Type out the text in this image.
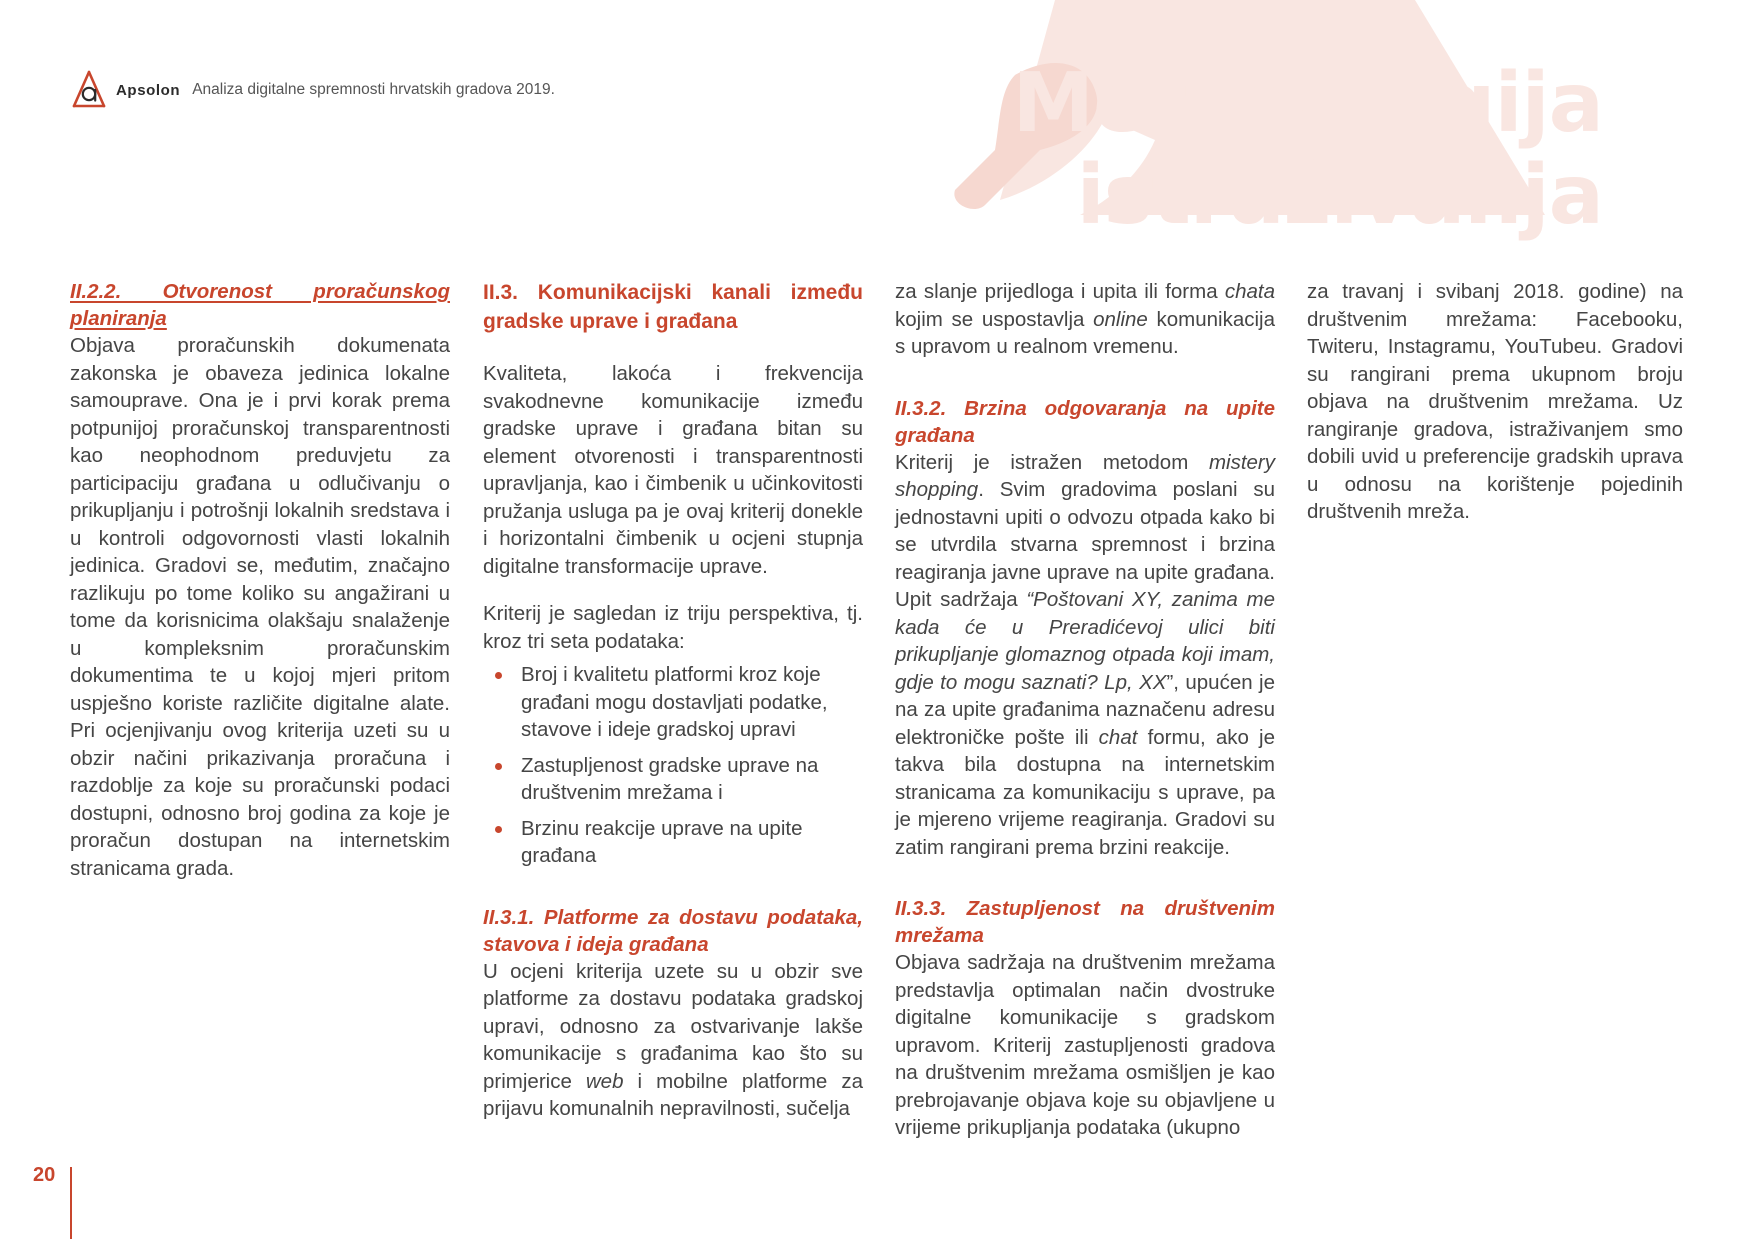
Metodologija
istraživanja
Apsolon Analiza digitalne spremnosti hrvatskih gradova 2019.

II.2.2. Otvorenost proračunskog planiranja

Objava proračunskih dokumenata zakonska je obaveza jedinica lokalne samouprave. Ona je i prvi korak prema potpunijoj proračunskoj transparentnosti kao neophodnom preduvjetu za participaciju građana u odlučivanju o prikupljanju i potrošnji lokalnih sredstava i u kontroli odgovornosti vlasti lokalnih jedinica. Gradovi se, međutim, značajno razlikuju po tome koliko su angažirani u tome da korisnicima olakšaju snalaženje u kompleksnim proračunskim dokumentima te u kojoj mjeri pritom uspješno koriste različite digitalne alate. Pri ocjenjivanju ovog kriterija uzeti su u obzir načini prikazivanja proračuna i razdoblje za koje su proračunski podaci dostupni, odnosno broj godina za koje je proračun dostupan na internetskim stranicama grada.

II.3. Komunikacijski kanali između gradske uprave i građana

Kvaliteta, lakoća i frekvencija svakodnevne komunikacije između gradske uprave i građana bitan su element otvorenosti i transparentnosti upravljanja, kao i čimbenik u učinkovitosti pružanja usluga pa je ovaj kriterij donekle i horizontalni čimbenik u ocjeni stupnja digitalne transformacije uprave.

Kriterij je sagledan iz triju perspektiva, tj. kroz tri seta podataka:

Broj i kvalitetu platformi kroz koje građani mogu dostavljati podatke, stavove i ideje gradskoj upravi
Zastupljenost gradske uprave na društvenim mrežama i
Brzinu reakcije uprave na upite građana

II.3.1. Platforme za dostavu podataka, stavova i ideja građana

U ocjeni kriterija uzete su u obzir sve platforme za dostavu podataka gradskoj upravi, odnosno za ostvarivanje lakše komunikacije s građanima kao što su primjerice web i mobilne platforme za prijavu komunalnih nepravilnosti, sučelja

za slanje prijedloga i upita ili forma chata kojim se uspostavlja online komunikacija s upravom u realnom vremenu.

II.3.2. Brzina odgovaranja na upite građana

Kriterij je istražen metodom mistery shopping. Svim gradovima poslani su jednostavni upiti o odvozu otpada kako bi se utvrdila stvarna spremnost i brzina reagiranja javne uprave na upite građana. Upit sadržaja “Poštovani XY, zanima me kada će u Preradićevoj ulici biti prikupljanje glomaznog otpada koji imam, gdje to mogu saznati? Lp, XX”, upućen je na za upite građanima naznačenu adresu elektroničke pošte ili chat formu, ako je takva bila dostupna na internetskim stranicama za komunikaciju s uprave, pa je mjereno vrijeme reagiranja. Gradovi su zatim rangirani prema brzini reakcije.

II.3.3. Zastupljenost na društvenim mrežama

Objava sadržaja na društvenim mrežama predstavlja optimalan način dvostruke digitalne komunikacije s gradskom upravom. Kriterij zastupljenosti gradova na društvenim mrežama osmišljen je kao prebrojavanje objava koje su objavljene u vrijeme prikupljanja podataka (ukupno

za travanj i svibanj 2018. godine) na društvenim mrežama: Facebooku, Twiteru, Instagramu, YouTubeu. Gradovi su rangirani prema ukupnom broju objava na društvenim mrežama. Uz rangiranje gradova, istraživanjem smo dobili uvid u preferencije gradskih uprava u odnosu na korištenje pojedinih društvenih mreža.

20
